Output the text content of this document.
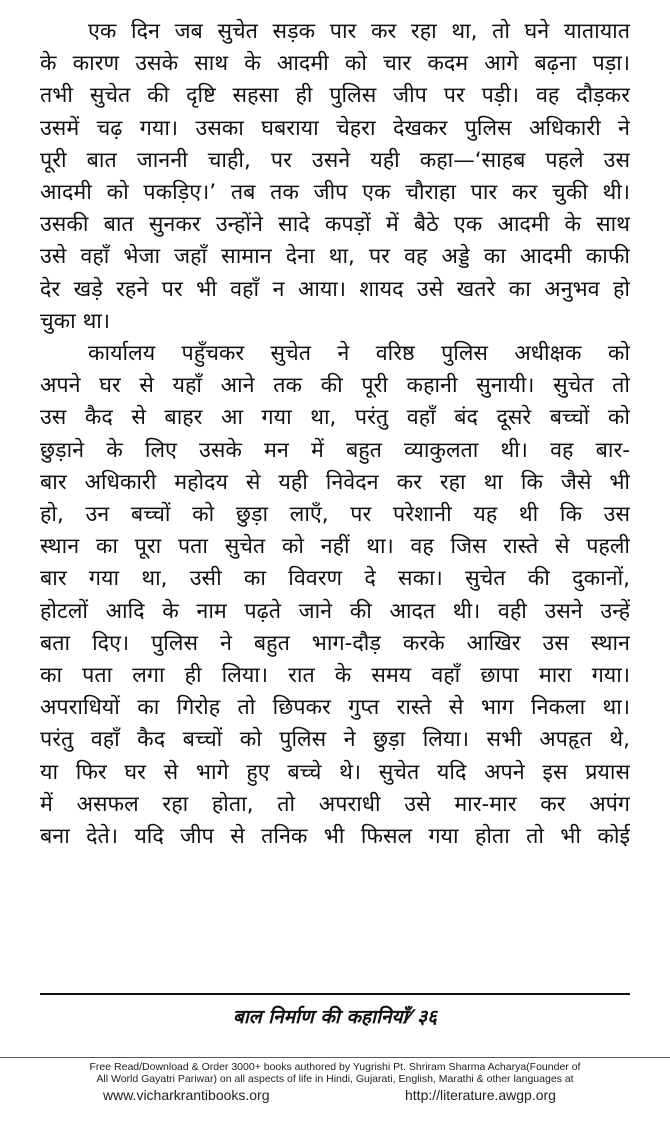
एक दिन जब सुचेत सड़क पार कर रहा था, तो घने यातायात
के कारण उसके साथ के आदमी को चार कदम आगे बढ़ना पड़ा।
तभी सुचेत की दृष्टि सहसा ही पुलिस जीप पर पड़ी। वह दौड़कर
उसमें चढ़ गया। उसका घबराया चेहरा देखकर पुलिस अधिकारी ने
पूरी बात जाननी चाही, पर उसने यही कहा—‘साहब पहले उस
आदमी को पकड़िए।’ तब तक जीप एक चौराहा पार कर चुकी थी।
उसकी बात सुनकर उन्होंने सादे कपड़ों में बैठे एक आदमी के साथ
उसे वहाँ भेजा जहाँ सामान देना था, पर वह अड्डे का आदमी काफी
देर खड़े रहने पर भी वहाँ न आया। शायद उसे खतरे का अनुभव हो
चुका था।

कार्यालय पहुँचकर सुचेत ने वरिष्ठ पुलिस अधीक्षक को
अपने घर से यहाँ आने तक की पूरी कहानी सुनायी। सुचेत तो
उस कैद से बाहर आ गया था, परंतु वहाँ बंद दूसरे बच्चों को
छुड़ाने के लिए उसके मन में बहुत व्याकुलता थी। वह बार-
बार अधिकारी महोदय से यही निवेदन कर रहा था कि जैसे भी
हो, उन बच्चों को छुड़ा लाएँ, पर परेशानी यह थी कि उस
स्थान का पूरा पता सुचेत को नहीं था। वह जिस रास्ते से पहली
बार गया था, उसी का विवरण दे सका। सुचेत की दुकानों,
होटलों आदि के नाम पढ़ते जाने की आदत थी। वही उसने उन्हें
बता दिए। पुलिस ने बहुत भाग-दौड़ करके आखिर उस स्थान
का पता लगा ही लिया। रात के समय वहाँ छापा मारा गया।
अपराधियों का गिरोह तो छिपकर गुप्त रास्ते से भाग निकला था।
परंतु वहाँ कैद बच्चों को पुलिस ने छुड़ा लिया। सभी अपहृत थे,
या फिर घर से भागे हुए बच्चे थे। सुचेत यदि अपने इस प्रयास
में असफल रहा होता, तो अपराधी उसे मार-मार कर अपंग
बना देते। यदि जीप से तनिक भी फिसल गया होता तो भी कोई

बाल निर्माण की कहानियाँ⁄ ३६
Free Read/Download & Order 3000+ books authored by Yugrishi Pt. Shriram Sharma Acharya(Founder of
All World Gayatri Pariwar) on all aspects of life in Hindi, Gujarati, English, Marathi & other languages at
www.vicharkrantibooks.org	http://literature.awgp.org
